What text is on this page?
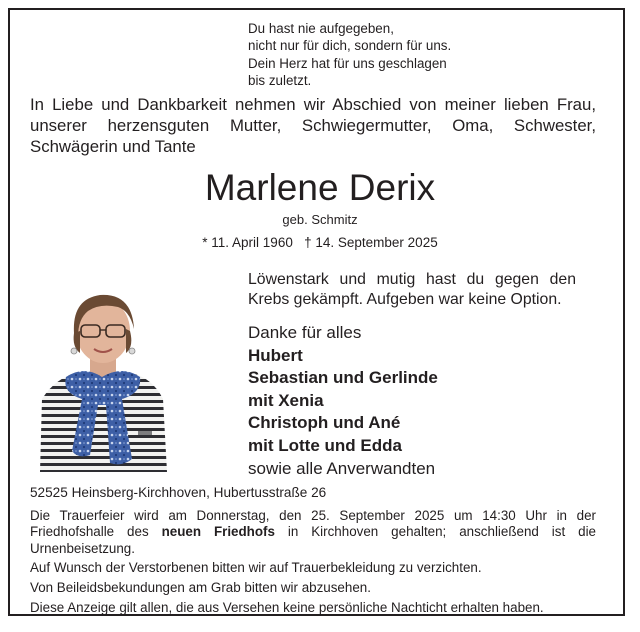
Du hast nie aufgegeben,
nicht nur für dich, sondern für uns.
Dein Herz hat für uns geschlagen
bis zuletzt.
In Liebe und Dankbarkeit nehmen wir Abschied von meiner lieben Frau, unserer herzensguten Mutter, Schwiegermutter, Oma, Schwester, Schwägerin und Tante
Marlene Derix
geb. Schmitz
* 11. April 1960 † 14. September 2025
Löwenstark und mutig hast du gegen den Krebs gekämpft. Aufgeben war keine Option.
Danke für alles
Hubert
Sebastian und Gerlinde
mit Xenia
Christoph und Ané
mit Lotte und Edda
sowie alle Anverwandten
52525 Heinsberg-Kirchhoven, Hubertusstraße 26
Die Trauerfeier wird am Donnerstag, den 25. September 2025 um 14:30 Uhr in der Friedhofshalle des neuen Friedhofs in Kirchhoven gehalten; anschließend ist die Urnenbeisetzung.
Auf Wunsch der Verstorbenen bitten wir auf Trauerbekleidung zu verzichten.
Von Beileidsbekundungen am Grab bitten wir abzusehen.
Diese Anzeige gilt allen, die aus Versehen keine persönliche Nachticht erhalten haben.
